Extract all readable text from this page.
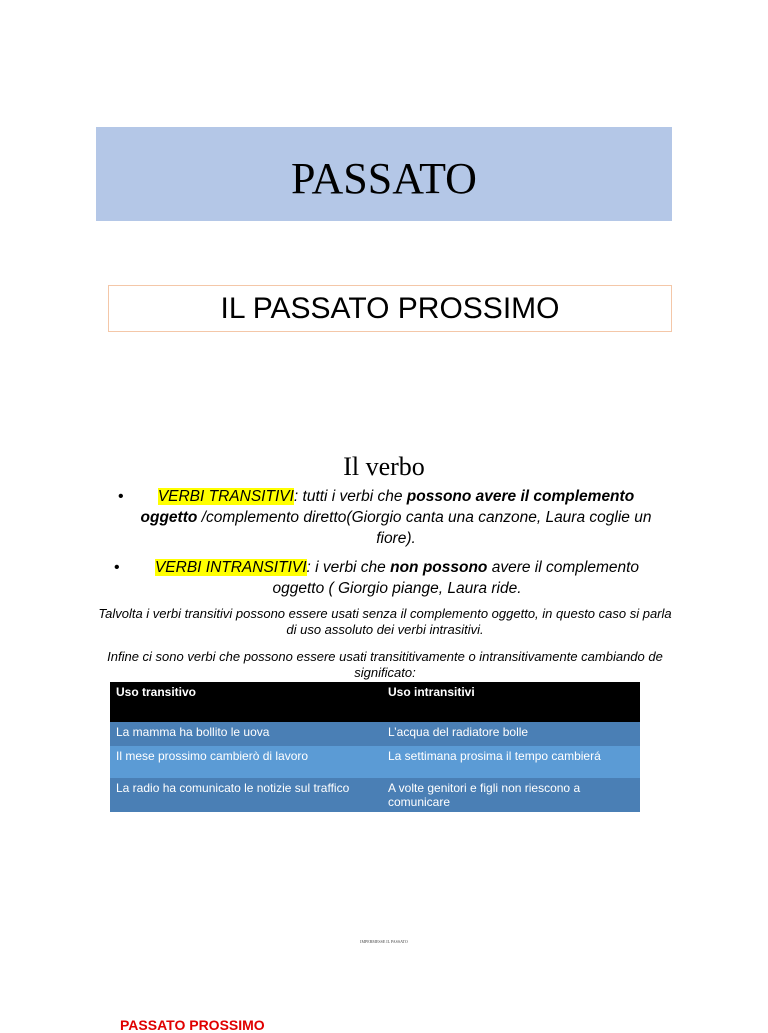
PASSATO
IL PASSATO PROSSIMO
Il verbo
• VERBI TRANSITIVI: tutti i verbi che possono avere il complemento oggetto /complemento diretto(Giorgio canta una canzone, Laura coglie un fiore).
• VERBI INTRANSITIVI: i verbi che non possono avere il complemento oggetto ( Giorgio piange, Laura ride.
Talvolta i verbi transitivi possono essere usati senza il complemento oggetto, in questo caso si parla di uso assoluto dei verbi intrasitivi.
Infine ci sono verbi che possono essere usati transititivamente o intransitivamente cambiando de significato:
Uso transitivo	Uso intransitivi
La mamma ha bollito le uova	L’acqua del radiatore bolle
Il mese prossimo cambierò di lavoro	La settimana prosima il tempo cambierá
La radio ha comunicato le notizie sul traffico	A volte genitori e figli non riescono a comunicare
IMPERMESSE IL PASSATO
PASSATO PROSSIMO
